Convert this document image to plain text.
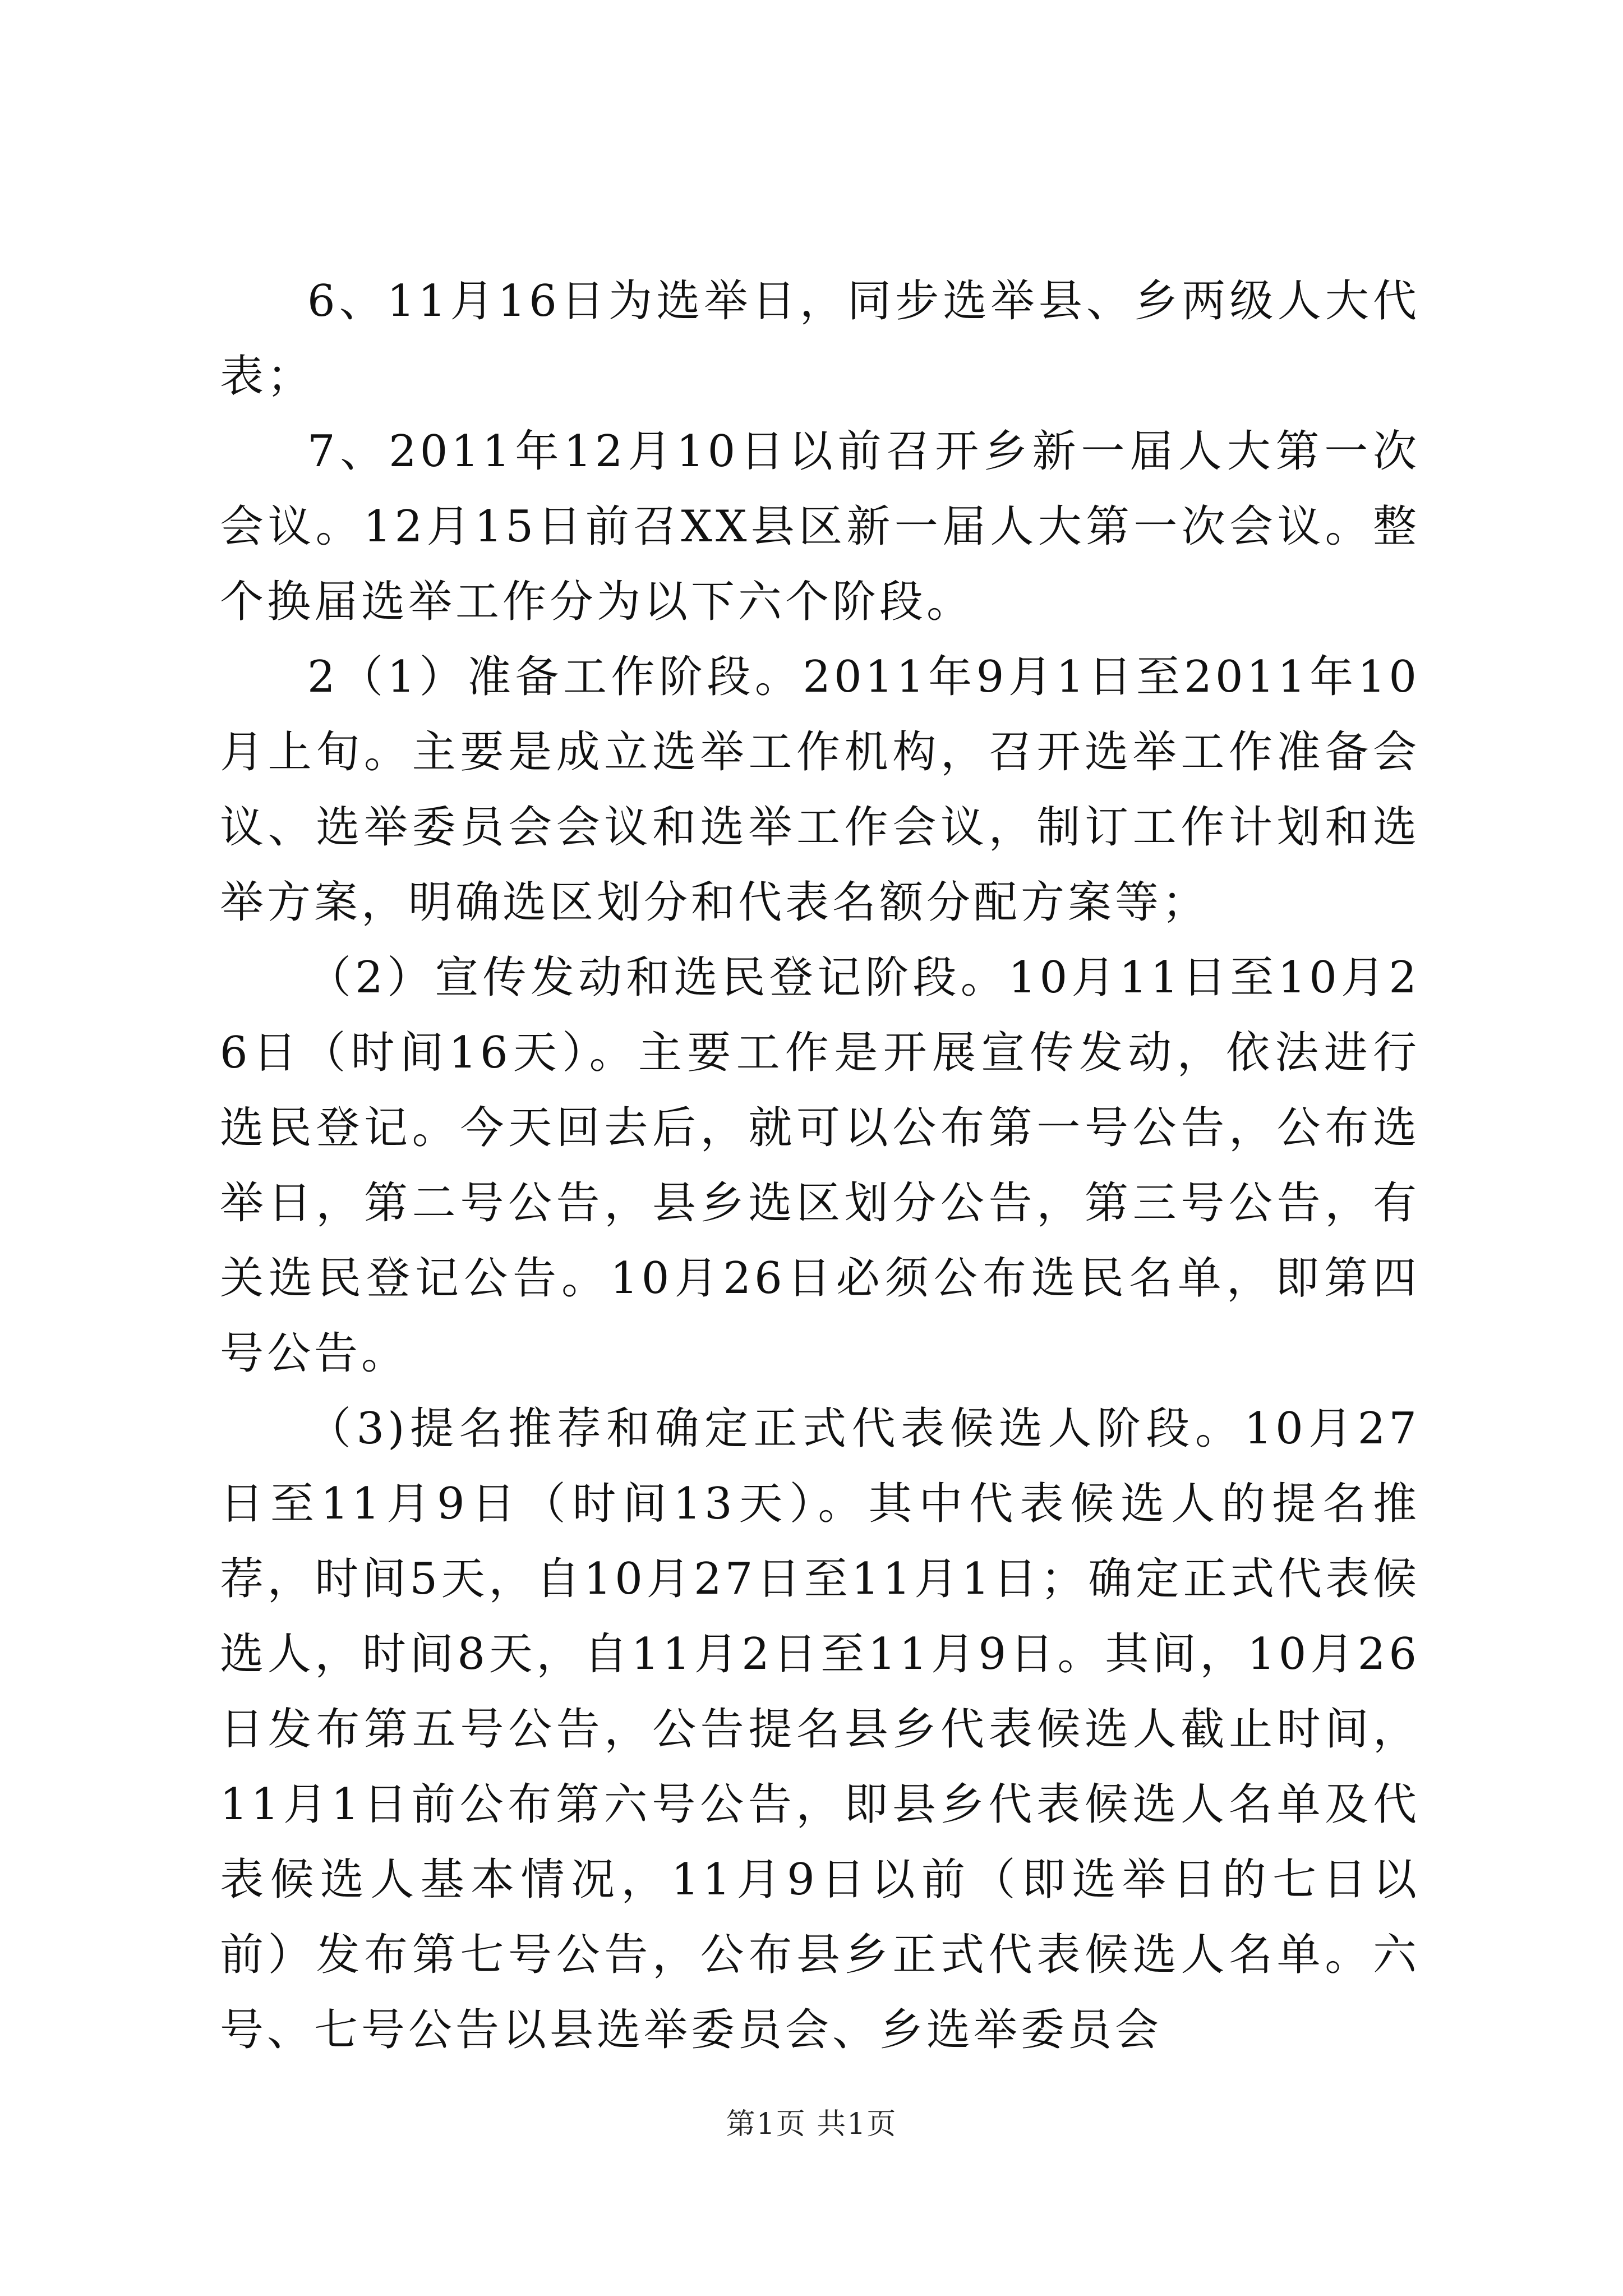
6、11月16日为选举日，同步选举县、乡两级人大代表；

7、2011年12月10日以前召开乡新一届人大第一次会议。12月15日前召XX县区新一届人大第一次会议。整个换届选举工作分为以下六个阶段。

2（1）准备工作阶段。2011年9月1日至2011年10月上旬。主要是成立选举工作机构，召开选举工作准备会议、选举委员会会议和选举工作会议，制订工作计划和选举方案，明确选区划分和代表名额分配方案等；

（2）宣传发动和选民登记阶段。10月11日至10月26日（时间16天）。主要工作是开展宣传发动，依法进行选民登记。今天回去后，就可以公布第一号公告，公布选举日，第二号公告，县乡选区划分公告，第三号公告，有关选民登记公告。10月26日必须公布选民名单，即第四号公告。

（3)提名推荐和确定正式代表候选人阶段。10月27日至11月9日（时间13天）。其中代表候选人的提名推荐，时间5天，自10月27日至11月1日；确定正式代表候选人，时间8天，自11月2日至11月9日。其间，10月26日发布第五号公告，公告提名县乡代表候选人截止时间，11月1日前公布第六号公告，即县乡代表候选人名单及代表候选人基本情况，11月9日以前（即选举日的七日以前）发布第七号公告，公布县乡正式代表候选人名单。六号、七号公告以县选举委员会、乡选举委员会

第1页 共1页
